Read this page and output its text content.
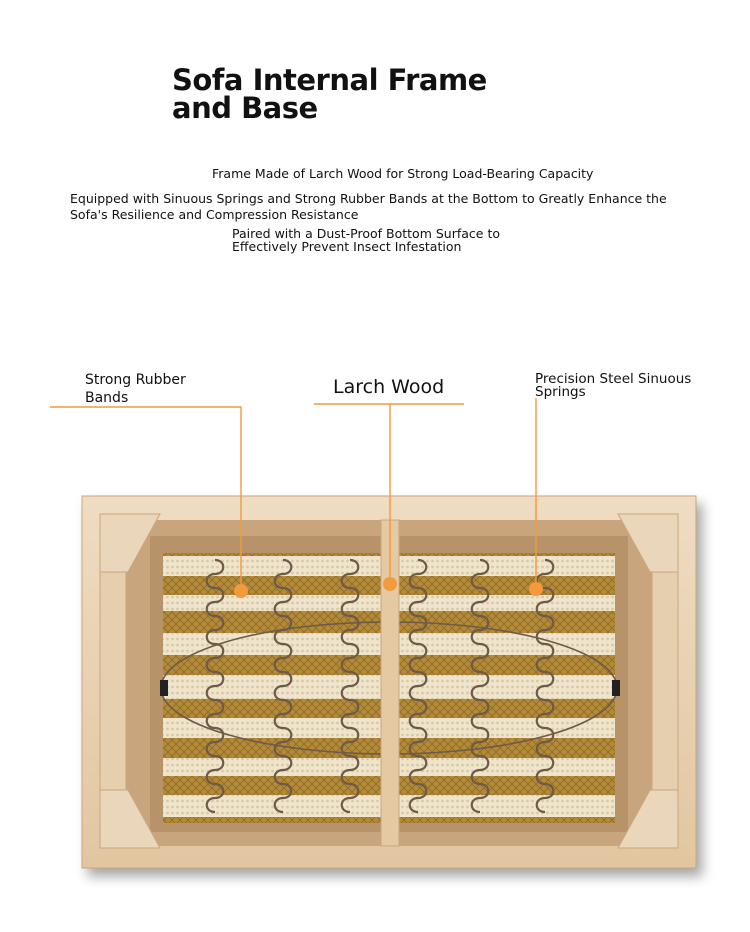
Sofa Internal Frame and Base

Frame Made of Larch Wood for Strong Load-Bearing Capacity

Equipped with Sinuous Springs and Strong Rubber Bands at the Bottom to Greatly Enhance the Sofa's Resilience and Compression Resistance

Paired with a Dust-Proof Bottom Surface to Effectively Prevent Insect Infestation

Strong Rubber Bands	Larch Wood	Precision Steel Sinuous Springs
